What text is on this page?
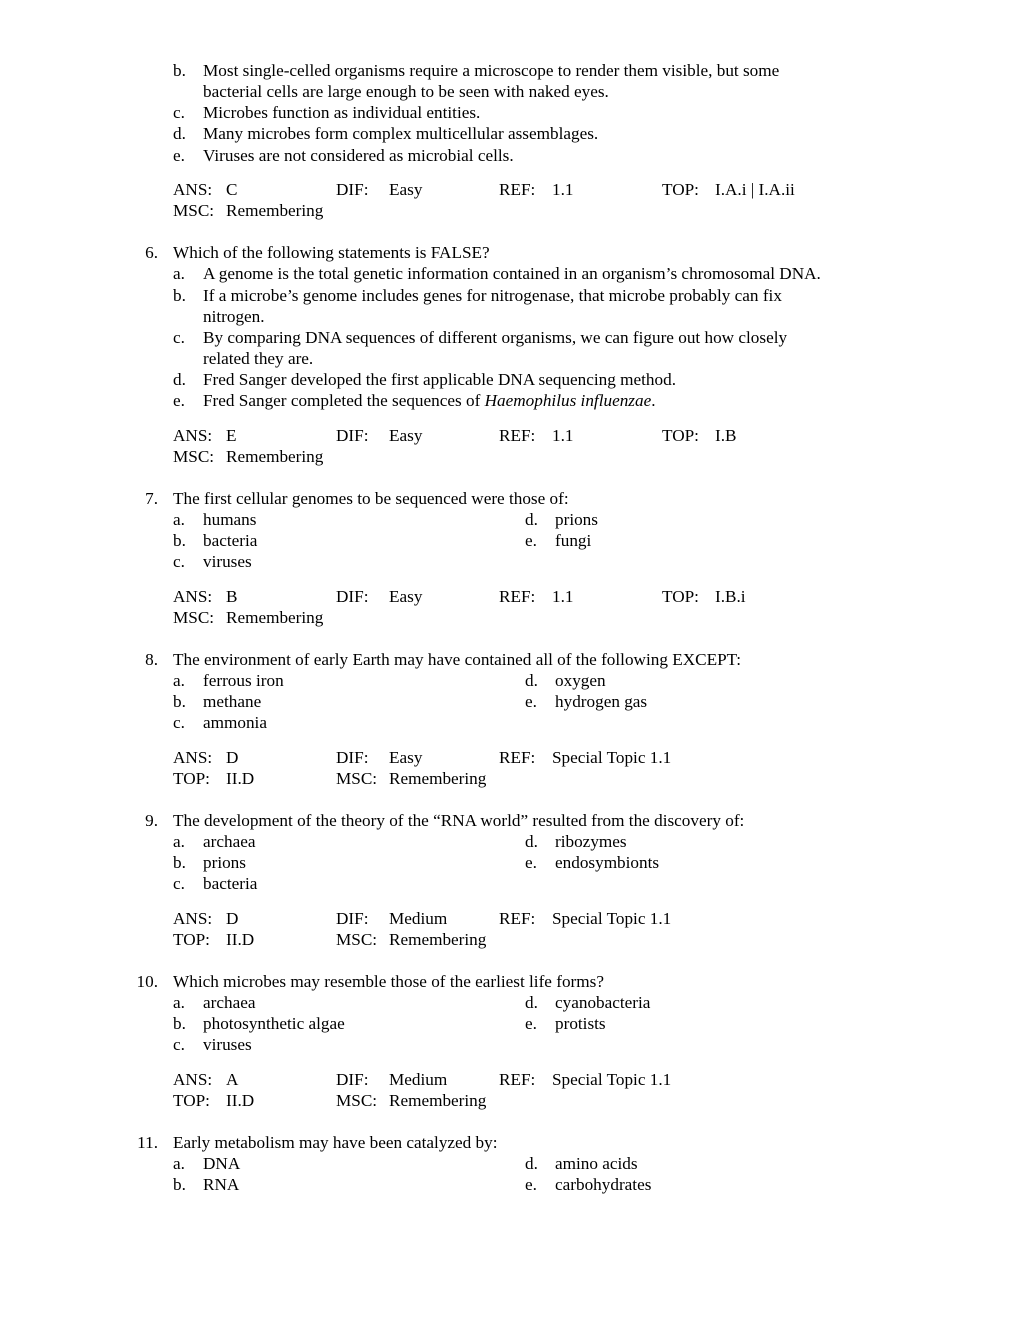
b. Most single-celled organisms require a microscope to render them visible, but some
bacterial cells are large enough to be seen with naked eyes.
c. Microbes function as individual entities.
d. Many microbes form complex multicellular assemblages.
e. Viruses are not considered as microbial cells.
ANS: C	DIF: Easy	REF: 1.1	TOP: I.A.i | I.A.ii
MSC: Remembering
6. Which of the following statements is FALSE?
a. A genome is the total genetic information contained in an organism’s chromosomal DNA.
b. If a microbe’s genome includes genes for nitrogenase, that microbe probably can fix
nitrogen.
c. By comparing DNA sequences of different organisms, we can figure out how closely
related they are.
d. Fred Sanger developed the first applicable DNA sequencing method.
e. Fred Sanger completed the sequences of Haemophilus influenzae.
ANS: E	DIF: Easy	REF: 1.1	TOP: I.B
MSC: Remembering
7. The first cellular genomes to be sequenced were those of:
a. humans
b. bacteria
c. viruses
d. prions
e. fungi
ANS: B	DIF: Easy	REF: 1.1	TOP: I.B.i
MSC: Remembering
8. The environment of early Earth may have contained all of the following EXCEPT:
a. ferrous iron
b. methane
c. ammonia
d. oxygen
e. hydrogen gas
ANS: D	DIF: Easy	REF: Special Topic 1.1
TOP: II.D	MSC: Remembering
9. The development of the theory of the “RNA world” resulted from the discovery of:
a. archaea
b. prions
c. bacteria
d. ribozymes
e. endosymbionts
ANS: D	DIF: Medium	REF: Special Topic 1.1
TOP: II.D	MSC: Remembering
10. Which microbes may resemble those of the earliest life forms?
a. archaea
b. photosynthetic algae
c. viruses
d. cyanobacteria
e. protists
ANS: A	DIF: Medium	REF: Special Topic 1.1
TOP: II.D	MSC: Remembering
11. Early metabolism may have been catalyzed by:
a. DNA
b. RNA
d. amino acids
e. carbohydrates
